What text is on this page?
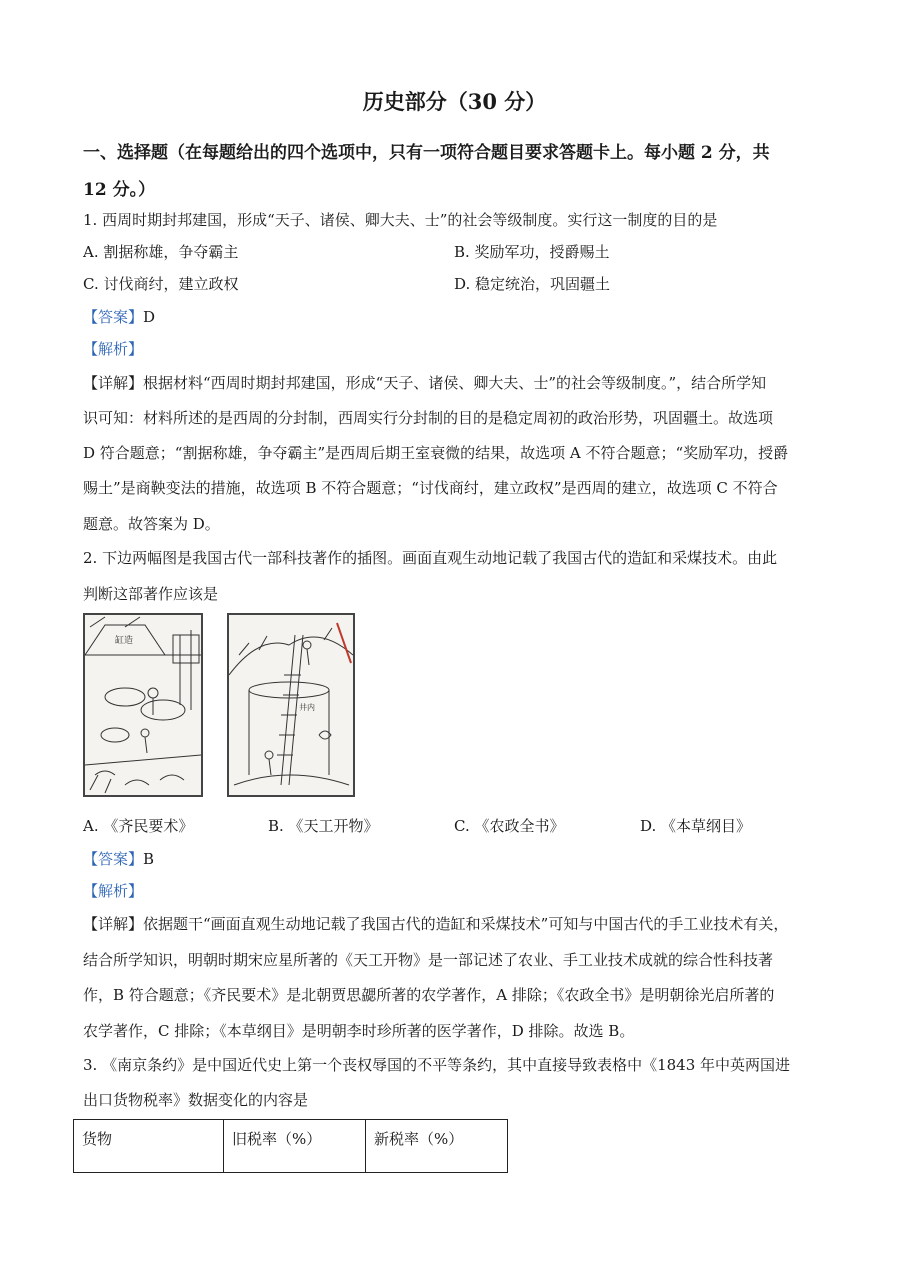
历史部分（30 分）
一、选择题（在每题给出的四个选项中，只有一项符合题目要求答题卡上。每小题 2 分，共
12 分。）
1. 西周时期封邦建国，形成“天子、诸侯、卿大夫、士”的社会等级制度。实行这一制度的目的是
A. 割据称雄，争夺霸主	B. 奖励军功，授爵赐土
C. 讨伐商纣，建立政权	D. 稳定统治，巩固疆土
【答案】D
【解析】
【详解】根据材料“西周时期封邦建国，形成“天子、诸侯、卿大夫、士”的社会等级制度。”，结合所学知
识可知：材料所述的是西周的分封制，西周实行分封制的目的是稳定周初的政治形势，巩固疆土。故选项
D 符合题意；“割据称雄，争夺霸主”是西周后期王室衰微的结果，故选项 A 不符合题意；“奖励军功，授爵
赐土”是商鞅变法的措施，故选项 B 不符合题意；“讨伐商纣，建立政权”是西周的建立，故选项 C 不符合
题意。故答案为 D。
2. 下边两幅图是我国古代一部科技著作的插图。画面直观生动地记载了我国古代的造缸和采煤技术。由此
判断这部著作应该是
缸造
井内
A. 《齐民要术》	B. 《天工开物》	C. 《农政全书》	D. 《本草纲目》
【答案】B
【解析】
【详解】依据题干“画面直观生动地记载了我国古代的造缸和采煤技术”可知与中国古代的手工业技术有关，
结合所学知识，明朝时期宋应星所著的《天工开物》是一部记述了农业、手工业技术成就的综合性科技著
作，B 符合题意；《齐民要术》是北朝贾思勰所著的农学著作，A 排除；《农政全书》是明朝徐光启所著的
农学著作，C 排除；《本草纲目》是明朝李时珍所著的医学著作，D 排除。故选 B。
3. 《南京条约》是中国近代史上第一个丧权辱国的不平等条约，其中直接导致表格中《1843 年中英两国进
出口货物税率》数据变化的内容是
货物	旧税率（%）	新税率（%）
